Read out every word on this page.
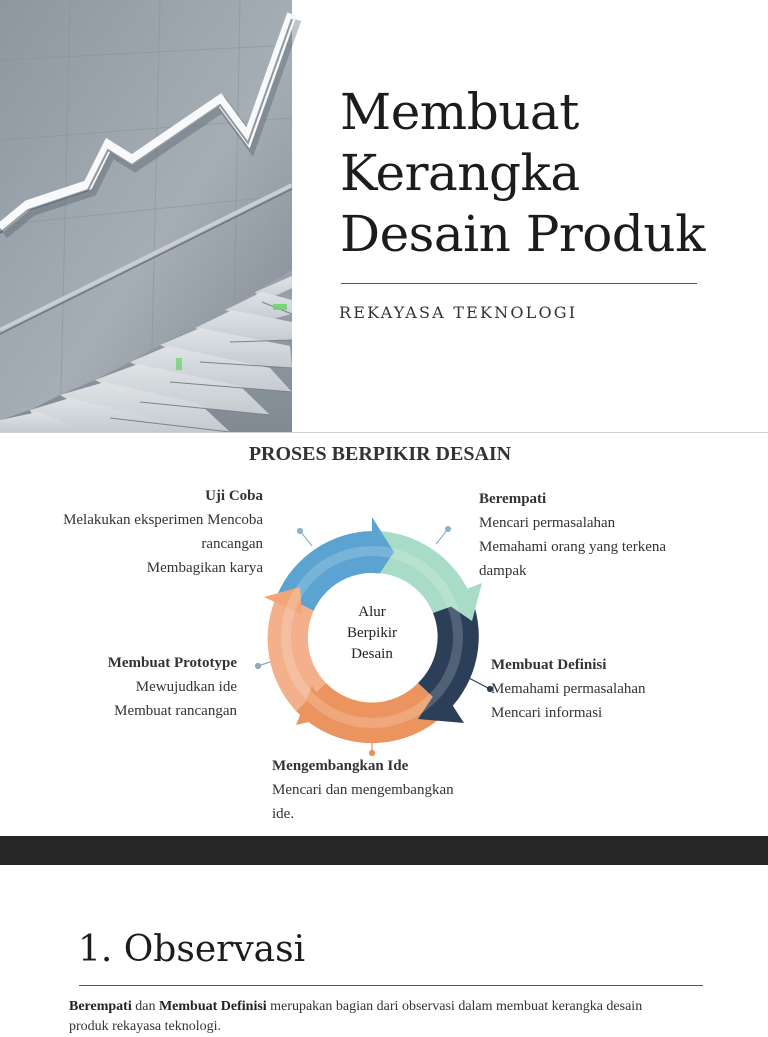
Membuat
Kerangka
Desain Produk
REKAYASA TEKNOLOGI
PROSES BERPIKIR DESAIN
Alur
Berpikir
Desain
Uji Coba
Melakukan eksperimen Mencoba
rancangan
Membagikan karya
Berempati
Mencari permasalahan
Memahami orang yang terkena
dampak
Membuat Definisi
Memahami permasalahan
Mencari informasi
Membuat Prototype
Mewujudkan ide
Membuat rancangan
Mengembangkan Ide
Mencari dan mengembangkan
ide.
1. Observasi
Berempati dan Membuat Definisi merupakan bagian dari observasi dalam membuat kerangka desain
produk rekayasa teknologi.
